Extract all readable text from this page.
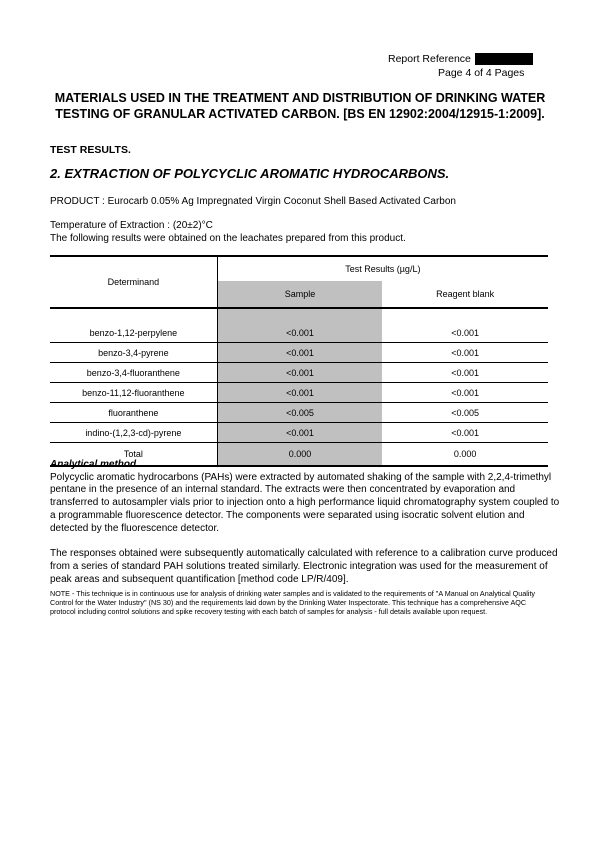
Report Reference
Page 4 of 4 Pages
MATERIALS USED IN THE TREATMENT AND DISTRIBUTION OF DRINKING WATER TESTING OF GRANULAR ACTIVATED CARBON. [BS EN 12902:2004/12915-1:2009].
TEST RESULTS.
2. EXTRACTION OF POLYCYCLIC AROMATIC HYDROCARBONS.
PRODUCT : Eurocarb 0.05% Ag Impregnated Virgin Coconut Shell Based Activated Carbon
Temperature of Extraction : (20±2)°C
The following results were obtained on the leachates prepared from this product.
Determinand	Test Results (µg/L)	
	Sample	Reagent blank

benzo-1,12-perpylene	<0.001	<0.001
benzo-3,4-pyrene	<0.001	<0.001
benzo-3,4-fluoranthene	<0.001	<0.001
benzo-11,12-fluoranthene	<0.001	<0.001
fluoranthene	<0.005	<0.005
indino-(1,2,3-cd)-pyrene	<0.001	<0.001
Total	0.000	0.000
Analytical method.

Polycyclic aromatic hydrocarbons (PAHs) were extracted by automated shaking of the sample with 2,2,4-trimethyl pentane in the presence of an internal standard. The extracts were then concentrated by evaporation and transferred to autosampler vials prior to injection onto a high performance liquid chromatography system coupled to a programmable fluorescence detector. The components were separated using isocratic solvent elution and detected by the fluorescence detector.

The responses obtained were subsequently automatically calculated with reference to a calibration curve produced from a series of standard PAH solutions treated similarly. Electronic integration was used for the measurement of peak areas and subsequent quantification [method code LP/R/409].

NOTE - This technique is in continuous use for analysis of drinking water samples and is validated to the requirements of "A Manual on Analytical Quality Control for the Water Industry" (NS 30) and the requirements laid down by the Drinking Water Inspectorate. This technique has a comprehensive AQC protocol including control solutions and spike recovery testing with each batch of samples for analysis - full details available upon request.
